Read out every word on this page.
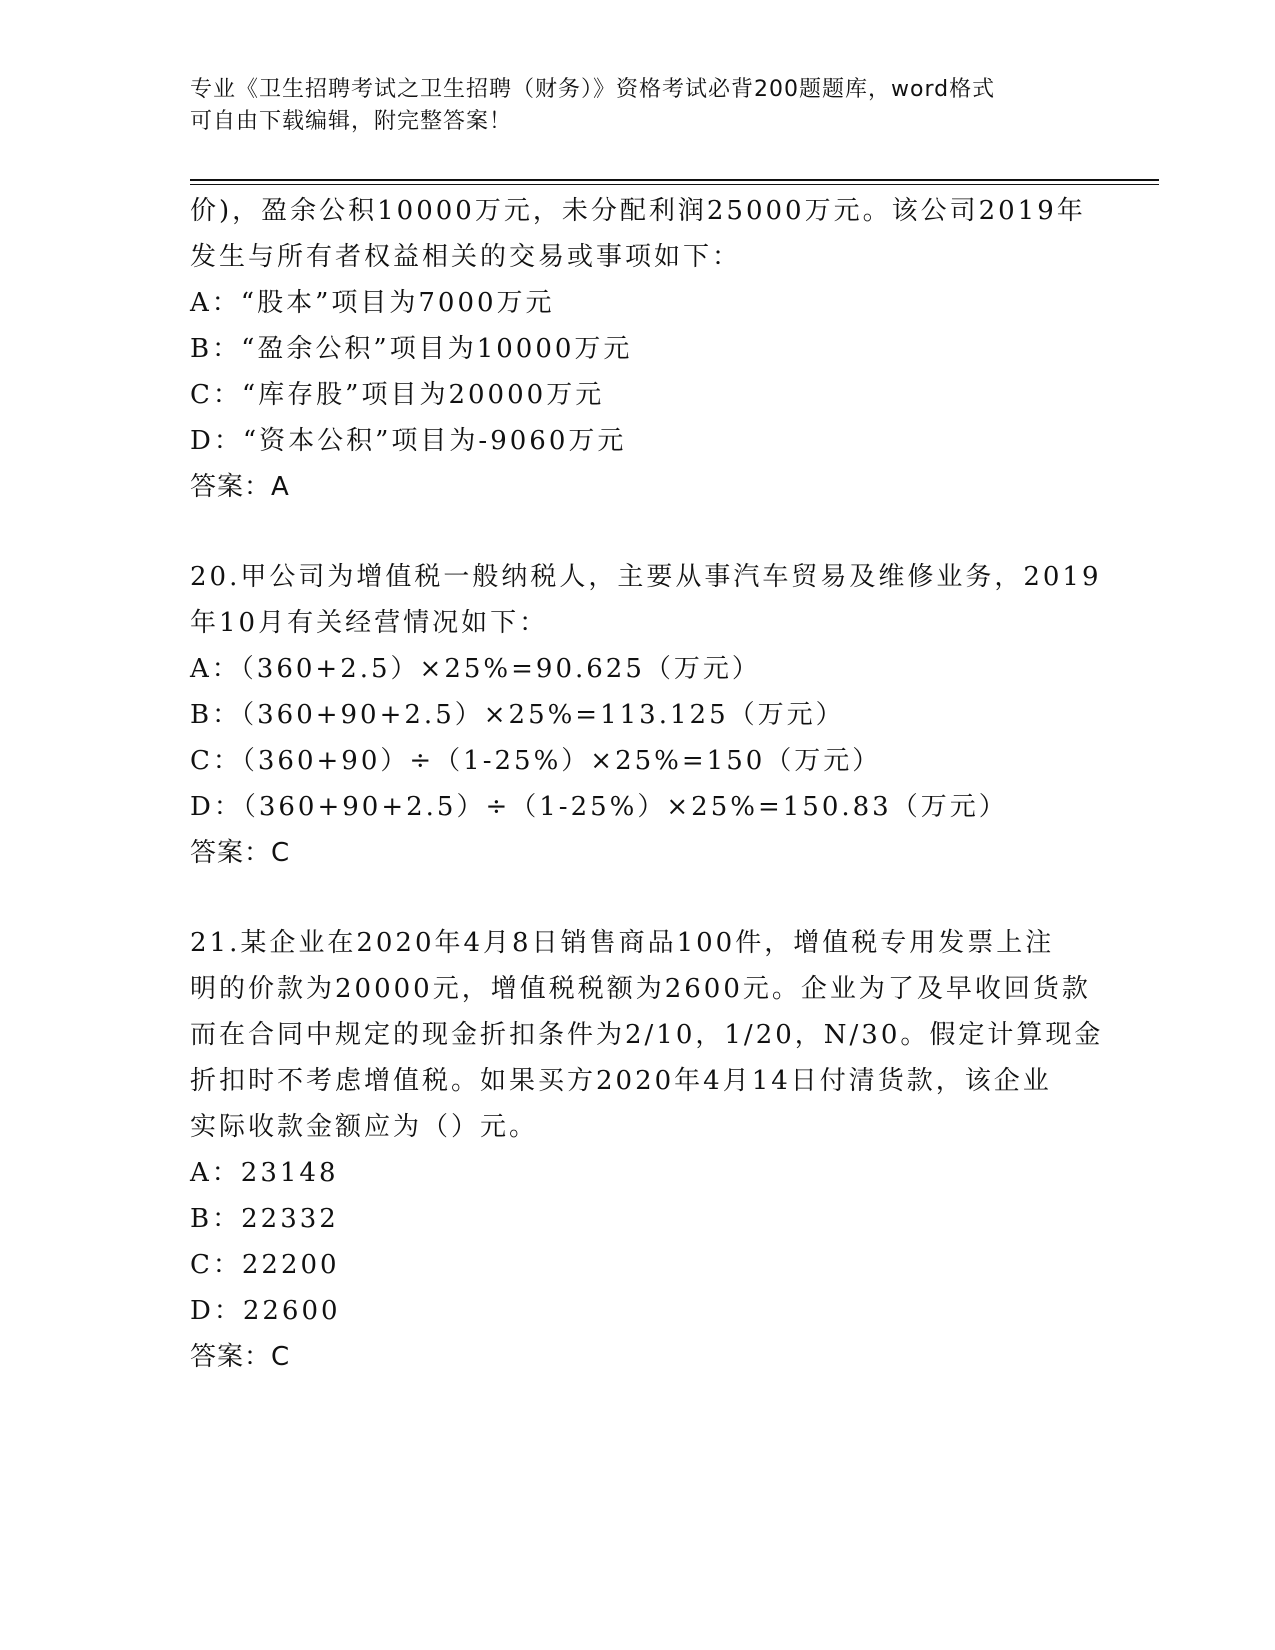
专业《卫生招聘考试之卫生招聘（财务）》资格考试必背200题题库，word格式
可自由下载编辑，附完整答案！
价)，盈余公积10000万元，未分配利润25000万元。该公司2019年
发生与所有者权益相关的交易或事项如下：
A：“股本”项目为7000万元
B：“盈余公积”项目为10000万元
C：“库存股”项目为20000万元
D：“资本公积”项目为-9060万元
答案：A
20.甲公司为增值税一般纳税人，主要从事汽车贸易及维修业务，2019
年10月有关经营情况如下：
A：（360+2.5）×25%=90.625（万元）
B：（360+90+2.5）×25%=113.125（万元）
C：（360+90）÷（1-25%）×25%=150（万元）
D：（360+90+2.5）÷（1-25%）×25%=150.83（万元）
答案：C
21.某企业在2020年4月8日销售商品100件，增值税专用发票上注
明的价款为20000元，增值税税额为2600元。企业为了及早收回货款
而在合同中规定的现金折扣条件为2/10，1/20，N/30。假定计算现金
折扣时不考虑增值税。如果买方2020年4月14日付清货款，该企业
实际收款金额应为（）元。
A：23148
B：22332
C：22200
D：22600
答案：C
